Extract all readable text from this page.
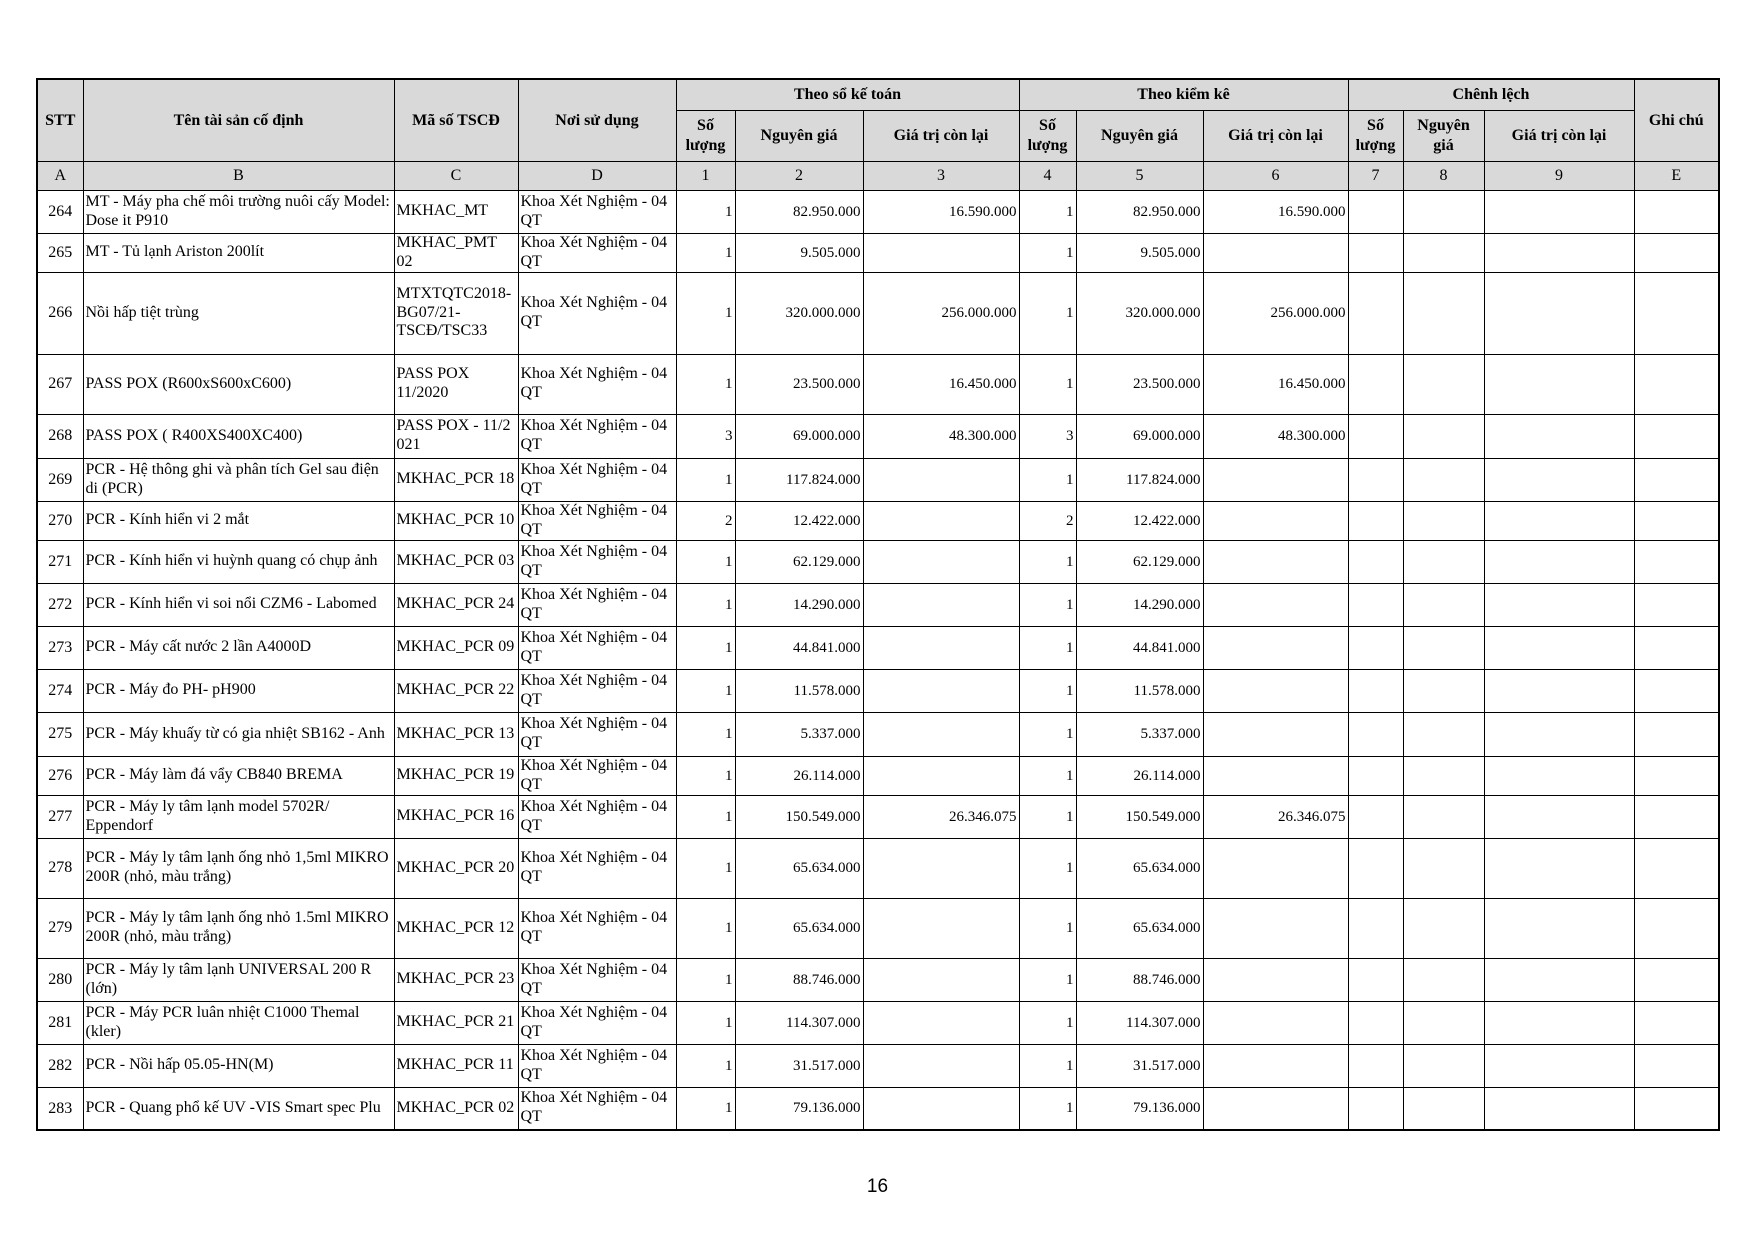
STT	Tên tài sản cố định	Mã số TSCĐ	Nơi sử dụng	Theo sổ kế toán			Theo kiểm kê			Chênh lệch			Ghi chú
				Số lượng	Nguyên giá	Giá trị còn lại	Số lượng	Nguyên giá	Giá trị còn lại	Số lượng	Nguyên giá	Giá trị còn lại	
A	B	C	D	1	2	3	4	5	6	7	8	9	E
264	MT - Máy pha chế môi trường nuôi cấy Model: Dose it P910	MKHAC_MT	Khoa Xét Nghiệm - 04 QT	1	82.950.000	16.590.000	1	82.950.000	16.590.000				
265	MT - Tủ lạnh Ariston 200lít	MKHAC_PMT 02	Khoa Xét Nghiệm - 04 QT	1	9.505.000		1	9.505.000					
266	Nồi hấp tiệt trùng	MTXTQTC2018-BG07/21-TSCĐ/TSC33	Khoa Xét Nghiệm - 04 QT	1	320.000.000	256.000.000	1	320.000.000	256.000.000				
267	PASS POX (R600xS600xC600)	PASS POX 11/2020	Khoa Xét Nghiệm - 04 QT	1	23.500.000	16.450.000	1	23.500.000	16.450.000				
268	PASS POX ( R400XS400XC400)	PASS POX - 11/2 021	Khoa Xét Nghiệm - 04 QT	3	69.000.000	48.300.000	3	69.000.000	48.300.000				
269	PCR - Hệ thông ghi và phân tích Gel sau điện di (PCR)	MKHAC_PCR 18	Khoa Xét Nghiệm - 04 QT	1	117.824.000		1	117.824.000					
270	PCR - Kính hiển vi 2 mắt	MKHAC_PCR 10	Khoa Xét Nghiệm - 04 QT	2	12.422.000		2	12.422.000					
271	PCR - Kính hiển vi huỳnh quang có chụp ảnh	MKHAC_PCR 03	Khoa Xét Nghiệm - 04 QT	1	62.129.000		1	62.129.000					
272	PCR - Kính hiển vi soi nổi CZM6 - Labomed	MKHAC_PCR 24	Khoa Xét Nghiệm - 04 QT	1	14.290.000		1	14.290.000					
273	PCR - Máy cất nước 2 lần A4000D	MKHAC_PCR 09	Khoa Xét Nghiệm - 04 QT	1	44.841.000		1	44.841.000					
274	PCR - Máy đo PH- pH900	MKHAC_PCR 22	Khoa Xét Nghiệm - 04 QT	1	11.578.000		1	11.578.000					
275	PCR - Máy khuấy từ có gia nhiệt SB162 - Anh	MKHAC_PCR 13	Khoa Xét Nghiệm - 04 QT	1	5.337.000		1	5.337.000					
276	PCR - Máy làm đá vẩy CB840 BREMA	MKHAC_PCR 19	Khoa Xét Nghiệm - 04 QT	1	26.114.000		1	26.114.000					
277	PCR - Máy ly tâm lạnh model 5702R/ Eppendorf	MKHAC_PCR 16	Khoa Xét Nghiệm - 04 QT	1	150.549.000	26.346.075	1	150.549.000	26.346.075				
278	PCR - Máy ly tâm lạnh ống nhỏ 1,5ml MIKRO 200R (nhỏ, màu trắng)	MKHAC_PCR 20	Khoa Xét Nghiệm - 04 QT	1	65.634.000		1	65.634.000					
279	PCR - Máy ly tâm lạnh ống nhỏ 1.5ml MIKRO 200R (nhỏ, màu trắng)	MKHAC_PCR 12	Khoa Xét Nghiệm - 04 QT	1	65.634.000		1	65.634.000					
280	PCR - Máy ly tâm lạnh UNIVERSAL 200 R (lớn)	MKHAC_PCR 23	Khoa Xét Nghiệm - 04 QT	1	88.746.000		1	88.746.000					
281	PCR - Máy PCR luân nhiệt C1000 Themal (kler)	MKHAC_PCR 21	Khoa Xét Nghiệm - 04 QT	1	114.307.000		1	114.307.000					
282	PCR - Nồi hấp 05.05-HN(M)	MKHAC_PCR 11	Khoa Xét Nghiệm - 04 QT	1	31.517.000		1	31.517.000					
283	PCR - Quang phổ kế UV -VIS Smart spec Plu	MKHAC_PCR 02	Khoa Xét Nghiệm - 04 QT	1	79.136.000		1	79.136.000					
16
